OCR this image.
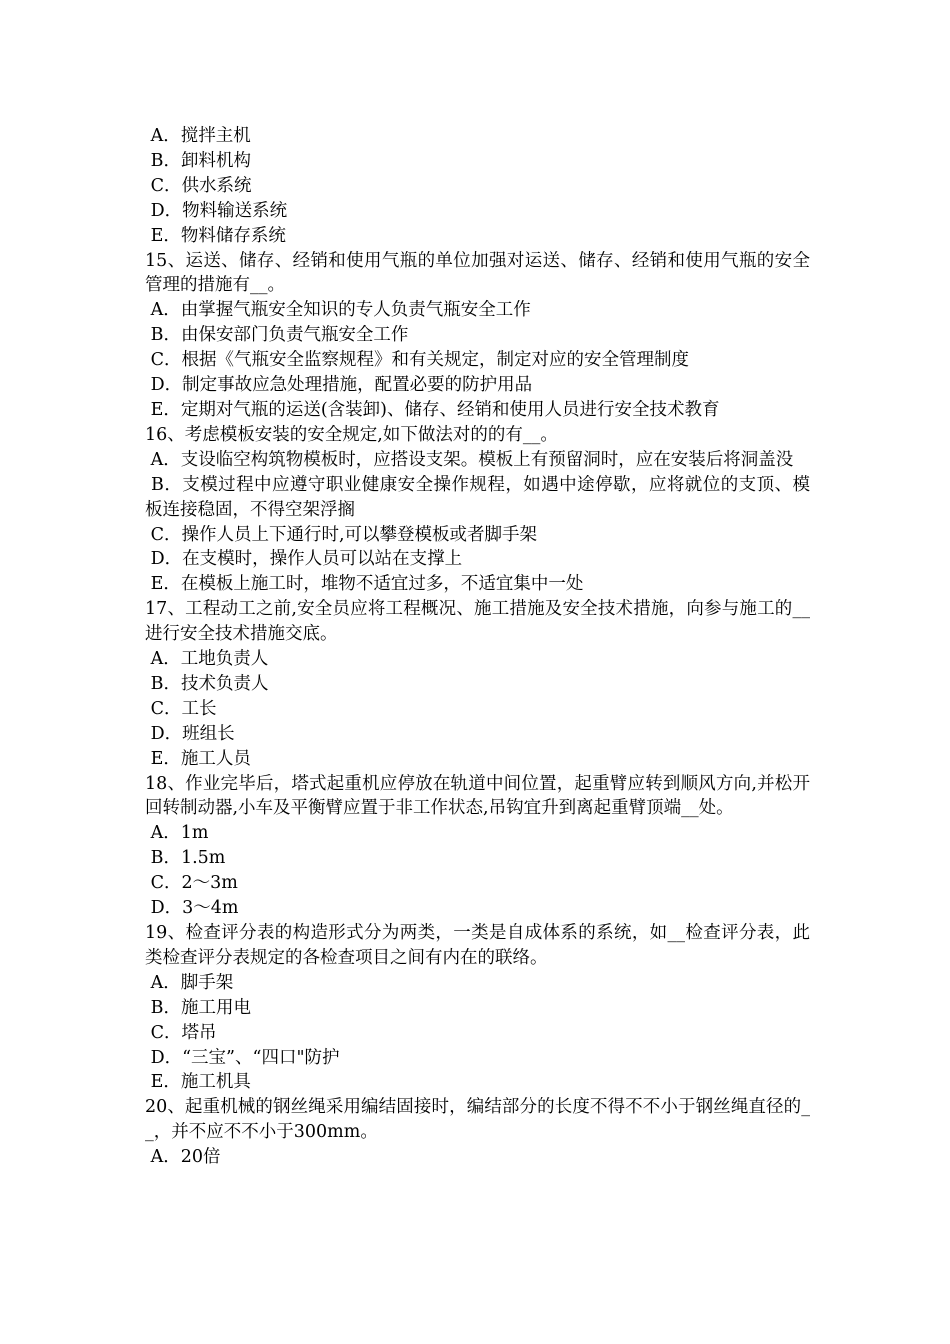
A．搅拌主机

B．卸料机构

C．供水系统

D．物料输送系统

E．物料储存系统

15、运送、储存、经销和使用气瓶的单位加强对运送、储存、经销和使用气瓶的安全管理的措施有__。

A．由掌握气瓶安全知识的专人负责气瓶安全工作

B．由保安部门负责气瓶安全工作

C．根据《气瓶安全监察规程》和有关规定，制定对应的安全管理制度

D．制定事故应急处理措施，配置必要的防护用品

E．定期对气瓶的运送(含装卸)、储存、经销和使用人员进行安全技术教育

16、考虑模板安装的安全规定,如下做法对的的有__。

A．支设临空构筑物模板时，应搭设支架。模板上有预留洞时，应在安装后将洞盖没

B．支模过程中应遵守职业健康安全操作规程，如遇中途停歇，应将就位的支顶、模板连接稳固，不得空架浮搁

C．操作人员上下通行时,可以攀登模板或者脚手架

D．在支模时，操作人员可以站在支撑上

E．在模板上施工时，堆物不适宜过多，不适宜集中一处

17、工程动工之前,安全员应将工程概况、施工措施及安全技术措施，向参与施工的__进行安全技术措施交底。

A．工地负责人

B．技术负责人

C．工长

D．班组长

E．施工人员

18、作业完毕后，塔式起重机应停放在轨道中间位置，起重臂应转到顺风方向,并松开回转制动器,小车及平衡臂应置于非工作状态,吊钩宜升到离起重臂顶端__处。

A．1m

B．1.5m

C．2～3m

D．3～4m

19、检查评分表的构造形式分为两类，一类是自成体系的系统，如__检查评分表，此类检查评分表规定的各检查项目之间有内在的联络。

A．脚手架

B．施工用电

C．塔吊

D．“三宝”、“四口"防护

E．施工机具

20、起重机械的钢丝绳采用编结固接时，编结部分的长度不得不不小于钢丝绳直径的__，并不应不不小于300mm。

A．20倍
